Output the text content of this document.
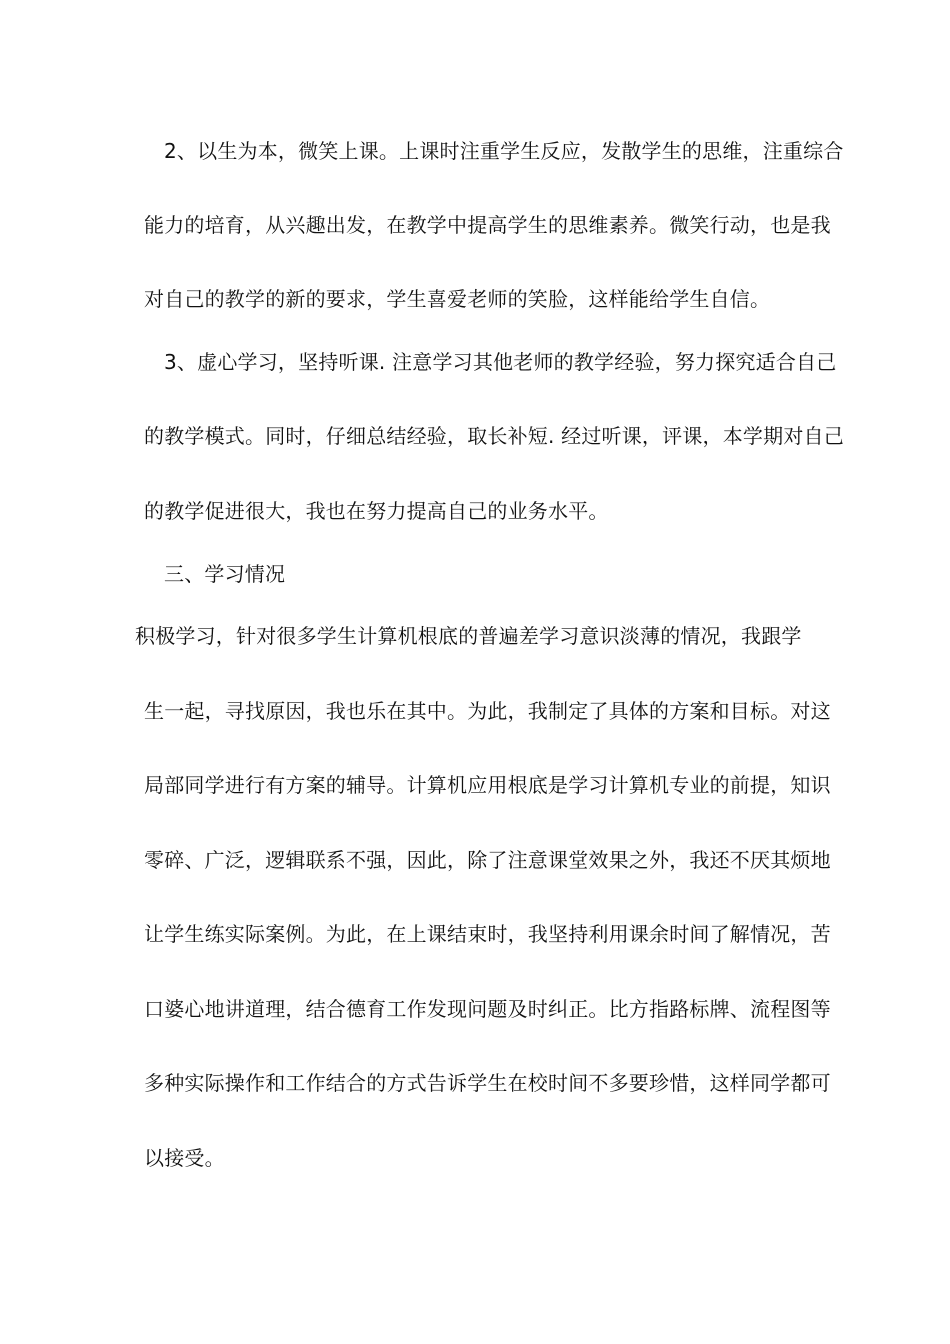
2、以生为本，微笑上课。上课时注重学生反应，发散学生的思维，注重综合
能力的培育，从兴趣出发，在教学中提高学生的思维素养。微笑行动，也是我
对自己的教学的新的要求，学生喜爱老师的笑脸，这样能给学生自信。
3、虚心学习，坚持听课. 注意学习其他老师的教学经验，努力探究适合自己
的教学模式。同时，仔细总结经验，取长补短. 经过听课，评课，本学期对自己
的教学促进很大，我也在努力提高自己的业务水平。
三、学习情况
积极学习，针对很多学生计算机根底的普遍差学习意识淡薄的情况，我跟学
生一起，寻找原因，我也乐在其中。为此，我制定了具体的方案和目标。对这
局部同学进行有方案的辅导。计算机应用根底是学习计算机专业的前提，知识
零碎、广泛，逻辑联系不强，因此，除了注意课堂效果之外，我还不厌其烦地
让学生练实际案例。为此，在上课结束时，我坚持利用课余时间了解情况，苦
口婆心地讲道理，结合德育工作发现问题及时纠正。比方指路标牌、流程图等
多种实际操作和工作结合的方式告诉学生在校时间不多要珍惜，这样同学都可
以接受。
